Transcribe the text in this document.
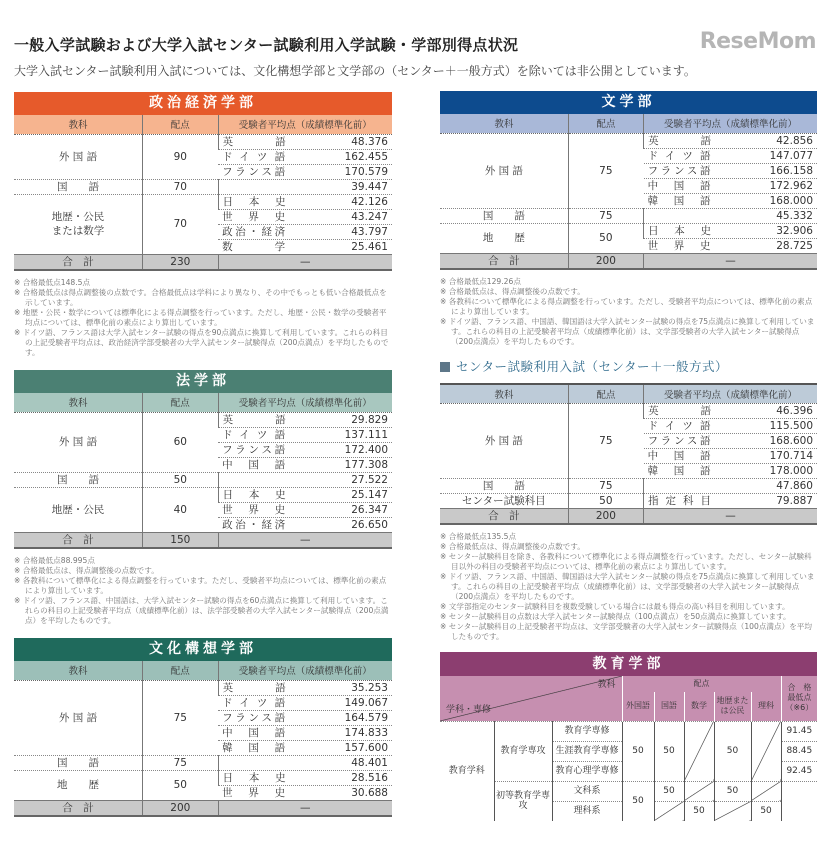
一般入学試験および大学入試センター試験利用入学試験・学部別得点状況
大学入試センター試験利用入試については、文化構想学部と文学部の（センター＋一般方式）を除いては非公開としています。
ReseMom
政治経済学部
教科	配点	受験者平均点（成績標準化前）
外 国 語	90	英語 48.376

		ドイツ語 162.455

		フランス語 170.579
国　　語	70	39.447
地歴・公民
または数学	70	日本史 42.126

		世界史 43.247

		政治・経済 43.797

		数学 25.461
合　計	230	—
※ 合格最低点148.5点
※ 合格最低点は得点調整後の点数です。合格最低点は学科により異なり、その中でもっとも低い合格最低点を示しています。
※ 地歴・公民・数学については標準化による得点調整を行っています。ただし、地歴・公民・数学の受験者平均点については、標準化前の素点により算出しています。
※ ドイツ語、フランス語は大学入試センター試験の得点を90点満点に換算して利用しています。これらの科目の上記受験者平均点は、政治経済学部受験者の大学入試センター試験得点（200点満点）を平均したものです。
法学部
教科	配点	受験者平均点（成績標準化前）
外 国 語	60	英語 29.829

		ドイツ語 137.111

		フランス語 172.400

		中国語 177.308
国　　語	50	27.522
地歴・公民	40	日本史 25.147

		世界史 26.347

		政治・経済 26.650
合　計	150	—
※ 合格最低点88.995点
※ 合格最低点は、得点調整後の点数です。
※ 各教科について標準化による得点調整を行っています。ただし、受験者平均点については、標準化前の素点により算出しています。
※ ドイツ語、フランス語、中国語は、大学入試センター試験の得点を60点満点に換算して利用しています。これらの科目の上記受験者平均点（成績標準化前）は、法学部受験者の大学入試センター試験得点（200点満点）を平均したものです。
文化構想学部
教科	配点	受験者平均点（成績標準化前）
外 国 語	75	英語 35.253

		ドイツ語 149.067

		フランス語 164.579

		中国語 174.833

		韓国語 157.600
国　　語	75	48.401
地　　歴	50	日本史 28.516

		世界史 30.688
合　計	200	—
文学部
教科	配点	受験者平均点（成績標準化前）
外 国 語	75	英語 42.856

		ドイツ語 147.077

		フランス語 166.158

		中国語 172.962

		韓国語 168.000
国　　語	75	45.332
地　　歴	50	日本史 32.906

		世界史 28.725
合　計	200	—
※ 合格最低点129.26点
※ 合格最低点は、得点調整後の点数です。
※ 各教科について標準化による得点調整を行っています。ただし、受験者平均点については、標準化前の素点により算出しています。
※ ドイツ語、フランス語、中国語、韓国語は大学入試センター試験の得点を75点満点に換算して利用しています。これらの科目の上記受験者平均点（成績標準化前）は、文学部受験者の大学入試センター試験得点（200点満点）を平均したものです。
センター試験利用入試（センター＋一般方式）
教科	配点	受験者平均点（成績標準化前）
外 国 語	75	英語 46.396

		ドイツ語 115.500

		フランス語 168.600

		中国語 170.714

		韓国語 178.000
国　　語	75	47.860
センター試験科目	50	指定科目 79.887
合　計	200	—
※ 合格最低点135.5点
※ 合格最低点は、得点調整後の点数です。
※ センター試験科目を除き、各教科について標準化による得点調整を行っています。ただし、センター試験科目以外の科目の受験者平均点については、標準化前の素点により算出しています。
※ ドイツ語、フランス語、中国語、韓国語は大学入試センター試験の得点を75点満点に換算して利用しています。これらの科目の上記受験者平均点（成績標準化前）は、文学部受験者の大学入試センター試験得点（200点満点）を平均したものです。
※ 文学部指定のセンター試験科目を複数受験している場合には最も得点の高い科目を利用しています。
※ センター試験科目の点数は大学入試センター試験得点（100点満点）を50点満点に換算しています。
※ センター試験科目の上記受験者平均点は、文学部受験者の大学入試センター試験得点（100点満点）を平均したものです。
教育学部
教科
学科・専修			配点					合　格
最低点
（※6）
			外国語	国語	数学	地歴または公民	理科	
教育学科	教育学専攻	教育学専修	50	50		50		91.45
		生涯教育学専修						88.45
		教育心理学専修						92.45
	初等教育学専攻	文科系	50	50		50		
		理科系			50		50	
